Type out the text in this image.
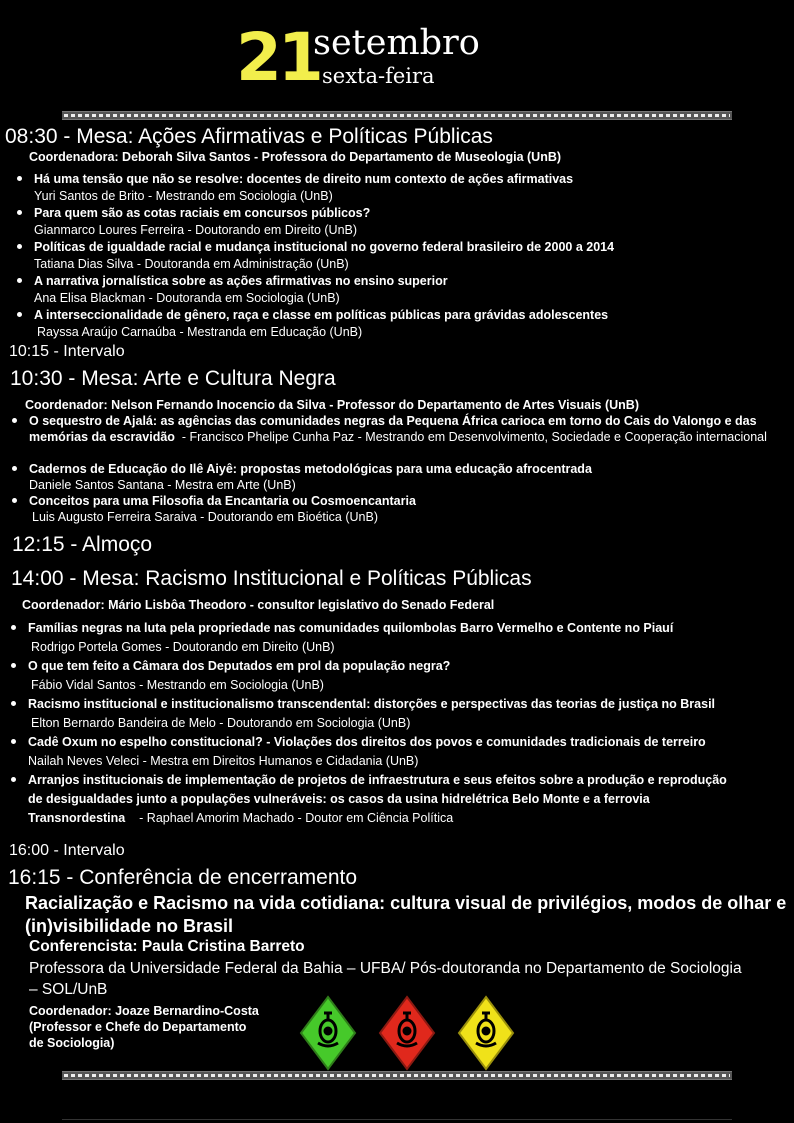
21
setembro
sexta-feira
08:30 - Mesa: Ações Afirmativas e Políticas Públicas
Coordenadora: Deborah Silva Santos - Professora do Departamento de Museologia (UnB)
Há uma tensão que não se resolve: docentes de direito num contexto de ações afirmativas
Yuri Santos de Brito - Mestrando em Sociologia (UnB)
Para quem são as cotas raciais em concursos públicos?
Gianmarco Loures Ferreira - Doutorando em Direito (UnB)
Políticas de igualdade racial e mudança institucional no governo federal brasileiro de 2000 a 2014
Tatiana Dias Silva - Doutoranda em Administração (UnB)
A narrativa jornalística sobre as ações afirmativas no ensino superior
Ana Elisa Blackman - Doutoranda em Sociologia (UnB)
A interseccionalidade de gênero, raça e classe em políticas públicas para grávidas adolescentes
Rayssa Araújo Carnaúba - Mestranda em Educação (UnB)
10:15 - Intervalo
10:30 - Mesa: Arte e Cultura Negra
Coordenador: Nelson Fernando Inocencio da Silva - Professor do Departamento de Artes Visuais (UnB)
O sequestro de Ajalá: as agências das comunidades negras da Pequena África carioca em torno do Cais do Valongo e das memórias da escravidão - Francisco Phelipe Cunha Paz - Mestrando em Desenvolvimento, Sociedade e Cooperação internacional
Cadernos de Educação do Ilê Aiyê: propostas metodológicas para uma educação afrocentrada
Daniele Santos Santana - Mestra em Arte (UnB)
Conceitos para uma Filosofia da Encantaria ou Cosmoencantaria
Luis Augusto Ferreira Saraiva - Doutorando em Bioética (UnB)
12:15 - Almoço
14:00 - Mesa: Racismo Institucional e Políticas Públicas
Coordenador: Mário Lisbôa Theodoro - consultor legislativo do Senado Federal
Famílias negras na luta pela propriedade nas comunidades quilombolas Barro Vermelho e Contente no Piauí
Rodrigo Portela Gomes - Doutorando em Direito (UnB)
O que tem feito a Câmara dos Deputados em prol da população negra?
Fábio Vidal Santos - Mestrando em Sociologia (UnB)
Racismo institucional e institucionalismo transcendental: distorções e perspectivas das teorias de justiça no Brasil
Elton Bernardo Bandeira de Melo - Doutorando em Sociologia (UnB)
Cadê Oxum no espelho constitucional? - Violações dos direitos dos povos e comunidades tradicionais de terreiro
Nailah Neves Veleci - Mestra em Direitos Humanos e Cidadania (UnB)
Arranjos institucionais de implementação de projetos de infraestrutura e seus efeitos sobre a produção e reprodução
de desigualdades junto a populações vulneráveis: os casos da usina hidrelétrica Belo Monte e a ferrovia
Transnordestina - Raphael Amorim Machado - Doutor em Ciência Política
16:00 - Intervalo
16:15 - Conferência de encerramento
Racialização e Racismo na vida cotidiana: cultura visual de privilégios, modos de olhar e (in)visibilidade no Brasil
Conferencista: Paula Cristina Barreto
Professora da Universidade Federal da Bahia – UFBA/ Pós-doutoranda no Departamento de Sociologia – SOL/UnB
Coordenador: Joaze Bernardino-Costa
(Professor e Chefe do Departamento
de Sociologia)
